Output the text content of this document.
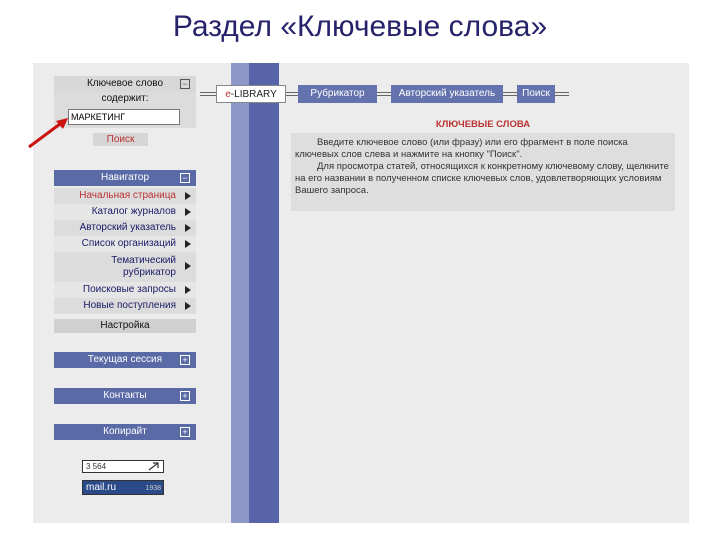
Раздел «Ключевые слова»
Ключевое слово −
содержит:
МАРКЕТИНГ
Поиск
Навигатор	−
Начальная страница
Каталог журналов
Авторский указатель
Список организаций
Тематический рубрикатор
Поисковые запросы
Новые поступления
Настройка
Текущая сессия +
Контакты	+
Копирайт	+
3 564
mail.ru	1938
e-LIBRARY	Рубрикатор	Авторский указатель	Поиск
КЛЮЧЕВЫЕ СЛОВА
Введите ключевое слово (или фразу) или его фрагмент в поле поиска ключевых слов слева и нажмите на кнопку "Поиск".
Для просмотра статей, относящихся к конкретному ключевому слову, щелкните на его названии в полученном списке ключевых слов, удовлетворяющих условиям Вашего запроса.
